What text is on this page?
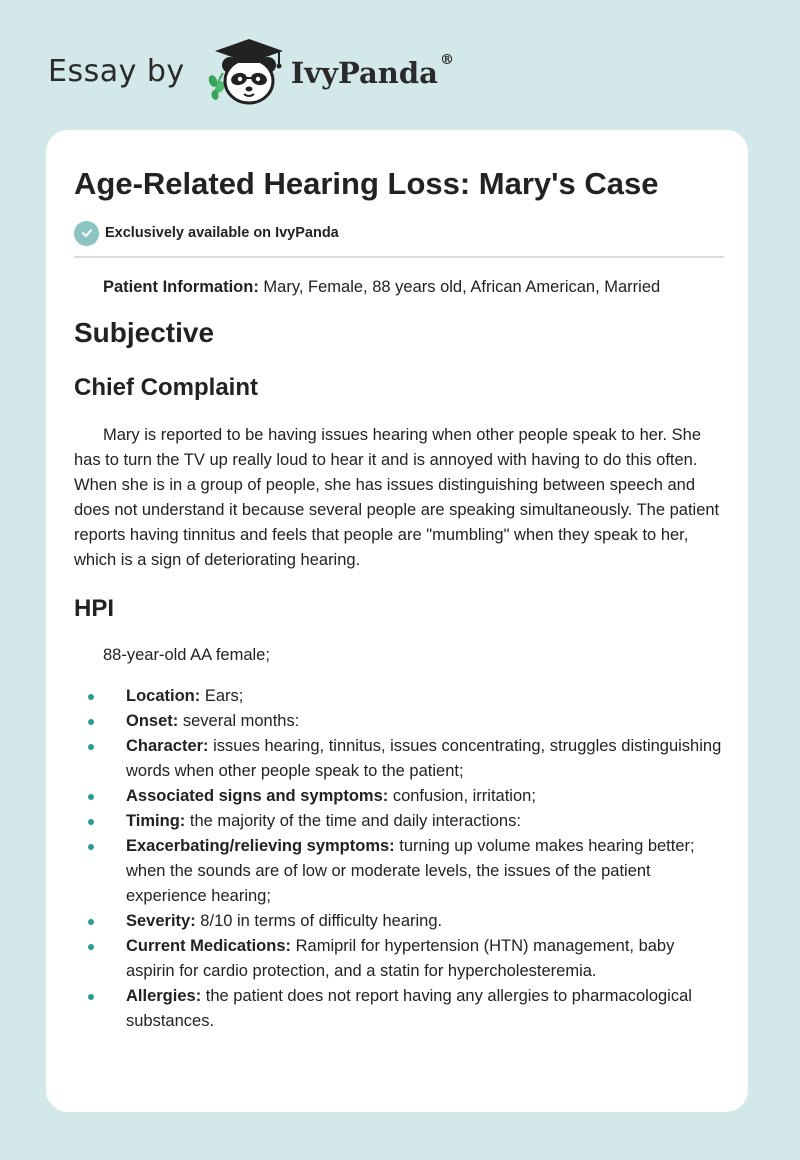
Essay by	IvyPanda ®
Age-Related Hearing Loss: Mary's Case
Exclusively available on IvyPanda

Patient Information: Mary, Female, 88 years old, African American, Married

Subjective
Chief Complaint

Mary is reported to be having issues hearing when other people speak to her. She has to turn the TV up really loud to hear it and is annoyed with having to do this often. When she is in a group of people, she has issues distinguishing between speech and does not understand it because several people are speaking simultaneously. The patient reports having tinnitus and feels that people are "mumbling" when they speak to her, which is a sign of deteriorating hearing.

HPI

88-year-old AA female;

Location: Ears;
Onset: several months:
Character: issues hearing, tinnitus, issues concentrating, struggles distinguishing words when other people speak to the patient;
Associated signs and symptoms: confusion, irritation;
Timing: the majority of the time and daily interactions:
Exacerbating/relieving symptoms: turning up volume makes hearing better; when the sounds are of low or moderate levels, the issues of the patient experience hearing;
Severity: 8/10 in terms of difficulty hearing.
Current Medications: Ramipril for hypertension (HTN) management, baby aspirin for cardio protection, and a statin for hypercholesteremia.
Allergies: the patient does not report having any allergies to pharmacological substances.
